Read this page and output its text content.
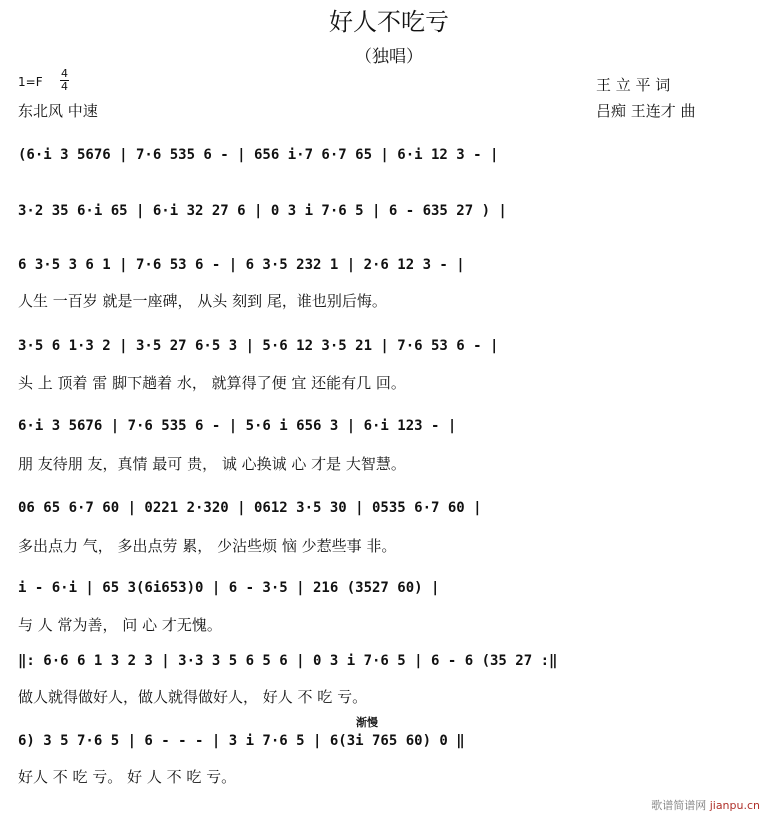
好人不吃亏
（独唱）
1=F
4
4
东北风 中速
王 立 平 词
吕痴 王连才 曲
(6·i 3 5676 | 7·6 535 6 - | 656 i·7 6·7 65 | 6·i 12 3 - |
3·2 35 6·i 65 | 6·i 32 27 6 | 0 3 i 7·6 5 | 6 - 635 27 ) |
6 3·5 3 6 1 | 7·6 53 6 - | 6 3·5 232 1 | 2·6 12 3 - |
人生 一百岁 就是一座碑， 从头 刻到 尾，谁也别后悔。
3·5 6 1·3 2 | 3·5 27 6·5 3 | 5·6 12 3·5 21 | 7·6 53 6 - |
头 上 顶着 雷 脚下趟着 水， 就算得了便 宜 还能有几 回。
6·i 3 5676 | 7·6 535 6 - | 5·6 i 656 3 | 6·i 123 - |
朋 友待朋 友，真情 最可 贵， 诚 心换诚 心 才是 大智慧。
06 65 6·7 60 | 0221 2·320 | 0612 3·5 30 | 0535 6·7 60 |
多出点力 气， 多出点劳 累， 少沾些烦 恼 少惹些事 非。
i - 6·i | 65 3(6i653)0 | 6 - 3·5 | 216 (3527 60) |
与 人 常为善， 问 心 才无愧。
‖: 6·6 6 1 3 2 3 | 3·3 3 5 6 5 6 | 0 3 i 7·6 5 | 6 - 6 (35 27 :‖
做人就得做好人，做人就得做好人， 好人 不 吃 亏。
渐慢
6) 3 5 7·6 5 | 6 - - - | 3 i 7·6 5 | 6(3i 765 60) 0 ‖
好人 不 吃 亏。 好 人 不 吃 亏。
歌谱简谱网 jianpu.cn
